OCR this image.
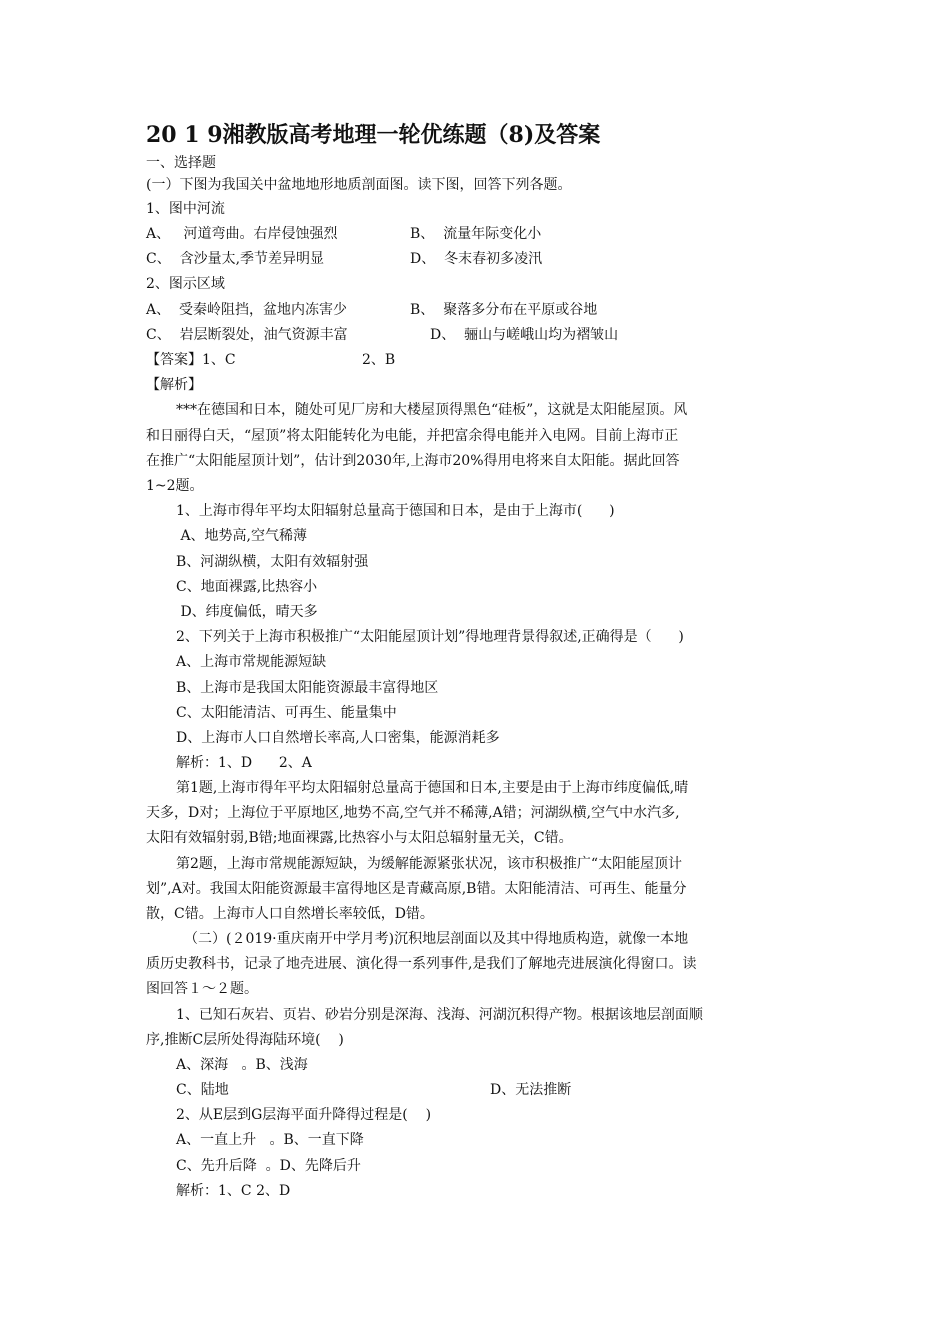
20 1 9湘教版高考地理一轮优练题（8)及答案
一、选择题
(一）下图为我国关中盆地地形地质剖面图。读下图，回答下列各题。
1、图中河流
A、   河道弯曲。右岸侵蚀强烈	B、  流量年际变化小
C、  含沙量太,季节差异明显	D、  冬末春初多凌汛
2、图示区域
A、  受秦岭阻挡，盆地内冻害少	B、  聚落多分布在平原或谷地
C、  岩层断裂处，油气资源丰富	D、  骊山与嵯峨山均为褶皱山
【答案】1、C	2、B
【解析】
***在德国和日本，随处可见厂房和大楼屋顶得黑色“硅板”，这就是太阳能屋顶。风
和日丽得白天，“屋顶”将太阳能转化为电能，并把富余得电能并入电网。目前上海市正
在推广“太阳能屋顶计划”，估计到2030年,上海市20%得用电将来自太阳能。据此回答
1~2题。
1、上海市得年平均太阳辐射总量高于德国和日本，是由于上海市(      )
A、地势高,空气稀薄
B、河湖纵横，太阳有效辐射强
C、地面裸露,比热容小
D、纬度偏低，晴天多
2、下列关于上海市积极推广“太阳能屋顶计划”得地理背景得叙述,正确得是（      )
A、上海市常规能源短缺
B、上海市是我国太阳能资源最丰富得地区
C、太阳能清洁、可再生、能量集中
D、上海市人口自然增长率高,人口密集，能源消耗多
解析：1、D      2、A
第1题,上海市得年平均太阳辐射总量高于德国和日本,主要是由于上海市纬度偏低,晴
天多，D对；上海位于平原地区,地势不高,空气并不稀薄,A错；河湖纵横,空气中水汽多,
太阳有效辐射弱,B错;地面裸露,比热容小与太阳总辐射量无关，C错。
第2题，上海市常规能源短缺，为缓解能源紧张状况，该市积极推广“太阳能屋顶计
划”,A对。我国太阳能资源最丰富得地区是青藏高原,B错。太阳能清洁、可再生、能量分
散，C错。上海市人口自然增长率较低，D错。
（二）(２019·重庆南开中学月考)沉积地层剖面以及其中得地质构造，就像一本地
质历史教科书，记录了地壳进展、演化得一系列事件,是我们了解地壳进展演化得窗口。读
图回答１～２题。
1、已知石灰岩、页岩、砂岩分别是深海、浅海、河湖沉积得产物。根据该地层剖面顺
序,推断C层所处得海陆环境(    )
A、深海   。B、浅海
C、陆地	D、无法推断
2、从E层到G层海平面升降得过程是(    )
A、一直上升   。B、一直下降
C、先升后降  。D、先降后升
解析：1、C 2、D
